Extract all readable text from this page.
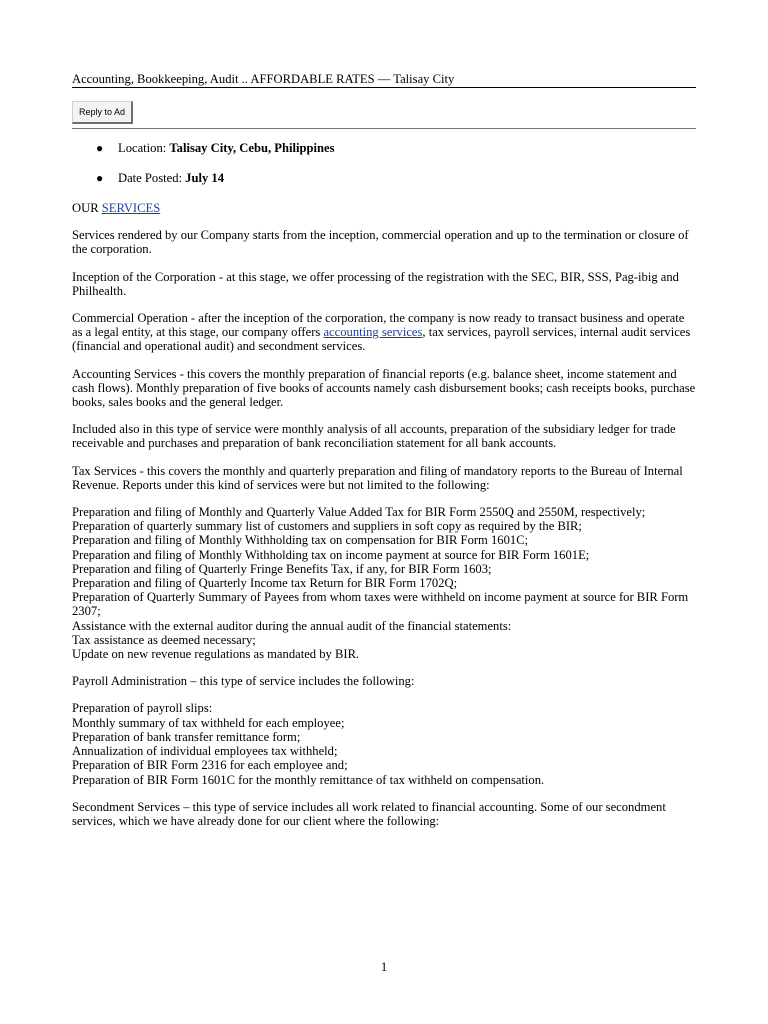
Accounting, Bookkeeping, Audit .. AFFORDABLE RATES — Talisay City
Reply to Ad
● Location: Talisay City, Cebu, Philippines
● Date Posted: July 14
OUR SERVICES

Services rendered by our Company starts from the inception, commercial operation and up to the termination or closure of the corporation.

Inception of the Corporation - at this stage, we offer processing of the registration with the SEC, BIR, SSS, Pag-ibig and Philhealth.

Commercial Operation - after the inception of the corporation, the company is now ready to transact business and operate as a legal entity, at this stage, our company offers accounting services, tax services, payroll services, internal audit services (financial and operational audit) and secondment services.

Accounting Services - this covers the monthly preparation of financial reports (e.g. balance sheet, income statement and cash flows). Monthly preparation of five books of accounts namely cash disbursement books; cash receipts books, purchase books, sales books and the general ledger.

Included also in this type of service were monthly analysis of all accounts, preparation of the subsidiary ledger for trade receivable and purchases and preparation of bank reconciliation statement for all bank accounts.

Tax Services - this covers the monthly and quarterly preparation and filing of mandatory reports to the Bureau of Internal Revenue. Reports under this kind of services were but not limited to the following:

Preparation and filing of Monthly and Quarterly Value Added Tax for BIR Form 2550Q and 2550M, respectively;
Preparation of quarterly summary list of customers and suppliers in soft copy as required by the BIR;
Preparation and filing of Monthly Withholding tax on compensation for BIR Form 1601C;
Preparation and filing of Monthly Withholding tax on income payment at source for BIR Form 1601E;
Preparation and filing of Quarterly Fringe Benefits Tax, if any, for BIR Form 1603;
Preparation and filing of Quarterly Income tax Return for BIR Form 1702Q;
Preparation of Quarterly Summary of Payees from whom taxes were withheld on income payment at source for BIR Form 2307;
Assistance with the external auditor during the annual audit of the financial statements:
Tax assistance as deemed necessary;
Update on new revenue regulations as mandated by BIR.

Payroll Administration – this type of service includes the following:

Preparation of payroll slips:
Monthly summary of tax withheld for each employee;
Preparation of bank transfer remittance form;
Annualization of individual employees tax withheld;
Preparation of BIR Form 2316 for each employee and;
Preparation of BIR Form 1601C for the monthly remittance of tax withheld on compensation.

Secondment Services – this type of service includes all work related to financial accounting. Some of our secondment services, which we have already done for our client where the following:

1
